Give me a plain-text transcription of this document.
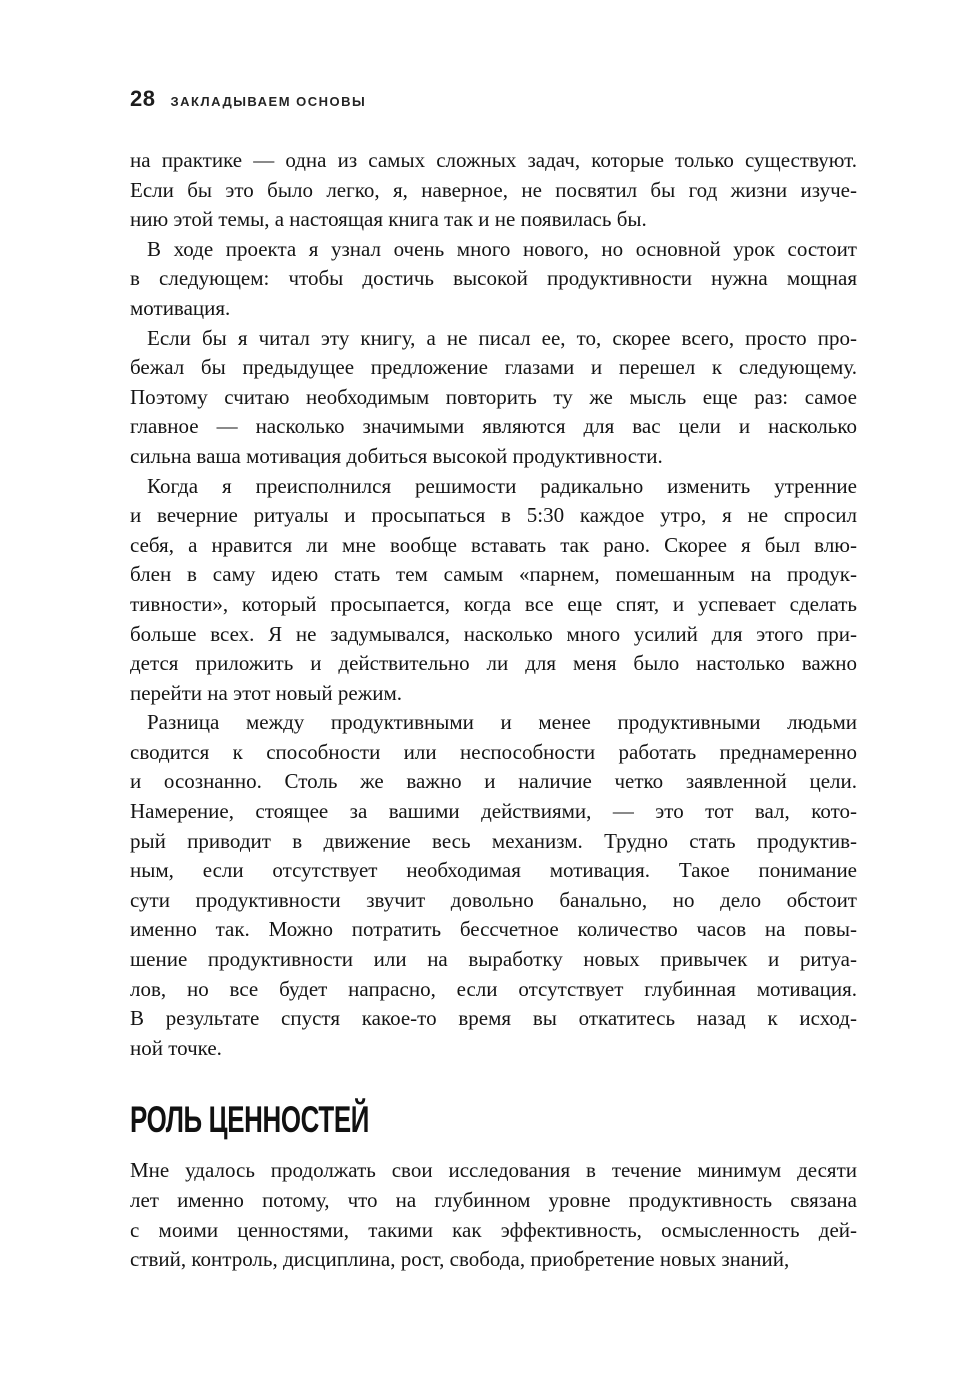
28 ЗАКЛАДЫВАЕМ ОСНОВЫ
на практике — одна из самых сложных задач, которые только существуют.
Если бы это было легко, я, наверное, не посвятил бы год жизни изуче-
нию этой темы, а настоящая книга так и не появилась бы.
В ходе проекта я узнал очень много нового, но основной урок состоит
в следующем: чтобы достичь высокой продуктивности нужна мощная
мотивация.
Если бы я читал эту книгу, а не писал ее, то, скорее всего, просто про-
бежал бы предыдущее предложение глазами и перешел к следующему.
Поэтому считаю необходимым повторить ту же мысль еще раз: самое
главное — насколько значимыми являются для вас цели и насколько
сильна ваша мотивация добиться высокой продуктивности.
Когда я преисполнился решимости радикально изменить утренние
и вечерние ритуалы и просыпаться в 5:30 каждое утро, я не спросил
себя, а нравится ли мне вообще вставать так рано. Скорее я был влю-
блен в саму идею стать тем самым «парнем, помешанным на продук-
тивности», который просыпается, когда все еще спят, и успевает сделать
больше всех. Я не задумывался, насколько много усилий для этого при-
дется приложить и действительно ли для меня было настолько важно
перейти на этот новый режим.
Разница между продуктивными и менее продуктивными людьми
сводится к способности или неспособности работать преднамеренно
и осознанно. Столь же важно и наличие четко заявленной цели.
Намерение, стоящее за вашими действиями, — это тот вал, кото-
рый приводит в движение весь механизм. Трудно стать продуктив-
ным, если отсутствует необходимая мотивация. Такое понимание
сути продуктивности звучит довольно банально, но дело обстоит
именно так. Можно потратить бессчетное количество часов на повы-
шение продуктивности или на выработку новых привычек и ритуа-
лов, но все будет напрасно, если отсутствует глубинная мотивация.
В результате спустя какое-то время вы откатитесь назад к исход-
ной точке.
РОЛЬ ЦЕННОСТЕЙ
Мне удалось продолжать свои исследования в течение минимум десяти
лет именно потому, что на глубинном уровне продуктивность связана
с моими ценностями, такими как эффективность, осмысленность дей-
ствий, контроль, дисциплина, рост, свобода, приобретение новых знаний,
